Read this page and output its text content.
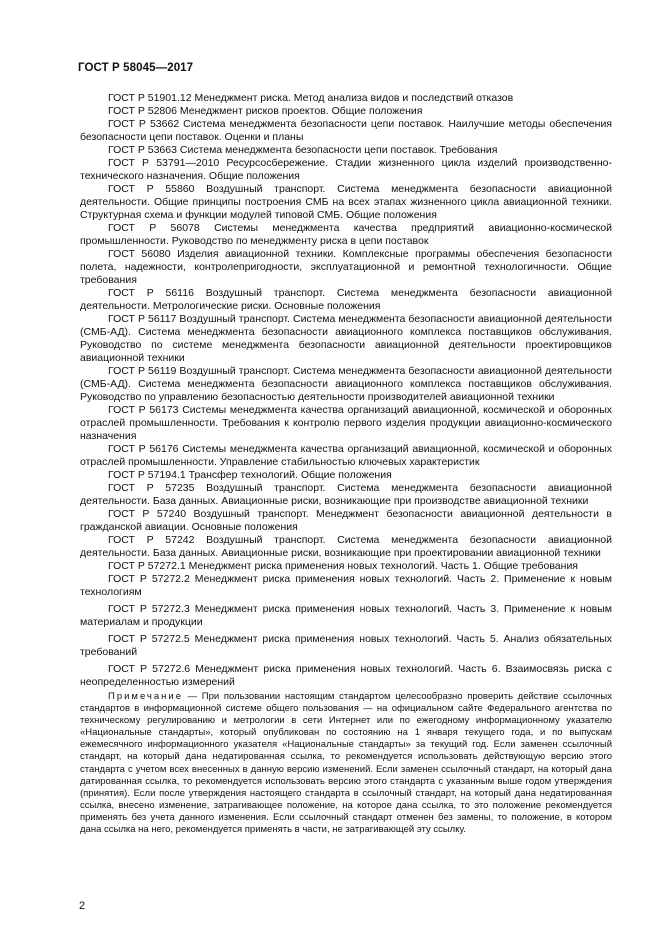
ГОСТ Р 58045—2017

ГОСТ Р 51901.12 Менеджмент риска. Метод анализа видов и последствий отказов

ГОСТ Р 52806 Менеджмент рисков проектов. Общие положения

ГОСТ Р 53662 Система менеджмента безопасности цепи поставок. Наилучшие методы обеспечения безопасности цепи поставок. Оценки и планы

ГОСТ Р 53663 Система менеджмента безопасности цепи поставок. Требования

ГОСТ Р 53791—2010 Ресурсосбережение. Стадии жизненного цикла изделий производственно-технического назначения. Общие положения

ГОСТ Р 55860 Воздушный транспорт. Система менеджмента безопасности авиационной деятельности. Общие принципы построения СМБ на всех этапах жизненного цикла авиационной техники. Структурная схема и функции модулей типовой СМБ. Общие положения

ГОСТ Р 56078 Системы менеджмента качества предприятий авиационно-космической промышленности. Руководство по менеджменту риска в цепи поставок

ГОСТ 56080 Изделия авиационной техники. Комплексные программы обеспечения безопасности полета, надежности, контролепригодности, эксплуатационной и ремонтной технологичности. Общие требования

ГОСТ Р 56116 Воздушный транспорт. Система менеджмента безопасности авиационной деятельности. Метрологические риски. Основные положения

ГОСТ Р 56117 Воздушный транспорт. Система менеджмента безопасности авиационной деятельности (СМБ-АД). Система менеджмента безопасности авиационного комплекса поставщиков обслуживания. Руководство по системе менеджмента безопасности авиационной деятельности проектировщиков авиационной техники

ГОСТ Р 56119 Воздушный транспорт. Система менеджмента безопасности авиационной деятельности (СМБ-АД). Система менеджмента безопасности авиационного комплекса поставщиков обслуживания. Руководство по управлению безопасностью деятельности производителей авиационной техники

ГОСТ Р 56173 Системы менеджмента качества организаций авиационной, космической и оборонных отраслей промышленности. Требования к контролю первого изделия продукции авиационно-космического назначения

ГОСТ Р 56176 Системы менеджмента качества организаций авиационной, космической и оборонных отраслей промышленности. Управление стабильностью ключевых характеристик

ГОСТ Р 57194.1 Трансфер технологий. Общие положения

ГОСТ Р 57235 Воздушный транспорт. Система менеджмента безопасности авиационной деятельности. База данных. Авиационные риски, возникающие при производстве авиационной техники

ГОСТ Р 57240 Воздушный транспорт. Менеджмент безопасности авиационной деятельности в гражданской авиации. Основные положения

ГОСТ Р 57242 Воздушный транспорт. Система менеджмента безопасности авиационной деятельности. База данных. Авиационные риски, возникающие при проектировании авиационной техники

ГОСТ Р 57272.1 Менеджмент риска применения новых технологий. Часть 1. Общие требования

ГОСТ Р 57272.2 Менеджмент риска применения новых технологий. Часть 2. Применение к новым технологиям

ГОСТ Р 57272.3 Менеджмент риска применения новых технологий. Часть 3. Применение к новым материалам и продукции

ГОСТ Р 57272.5 Менеджмент риска применения новых технологий. Часть 5. Анализ обязательных требований

ГОСТ Р 57272.6 Менеджмент риска применения новых технологий. Часть 6. Взаимосвязь риска с неопределенностью измерений

Примечание — При пользовании настоящим стандартом целесообразно проверить действие ссылочных стандартов в информационной системе общего пользования — на официальном сайте Федерального агентства по техническому регулированию и метрологии в сети Интернет или по ежегодному информационному указателю «Национальные стандарты», который опубликован по состоянию на 1 января текущего года, и по выпускам ежемесячного информационного указателя «Национальные стандарты» за текущий год. Если заменен ссылочный стандарт, на который дана недатированная ссылка, то рекомендуется использовать действующую версию этого стандарта с учетом всех внесенных в данную версию изменений. Если заменен ссылочный стандарт, на который дана датированная ссылка, то рекомендуется использовать версию этого стандарта с указанным выше годом утверждения (принятия). Если после утверждения настоящего стандарта в ссылочный стандарт, на который дана недатированная ссылка, внесено изменение, затрагивающее положение, на которое дана ссылка, то это положение рекомендуется применять без учета данного изменения. Если ссылочный стандарт отменен без замены, то положение, в котором дана ссылка на него, рекомендуется применять в части, не затрагивающей эту ссылку.
2
